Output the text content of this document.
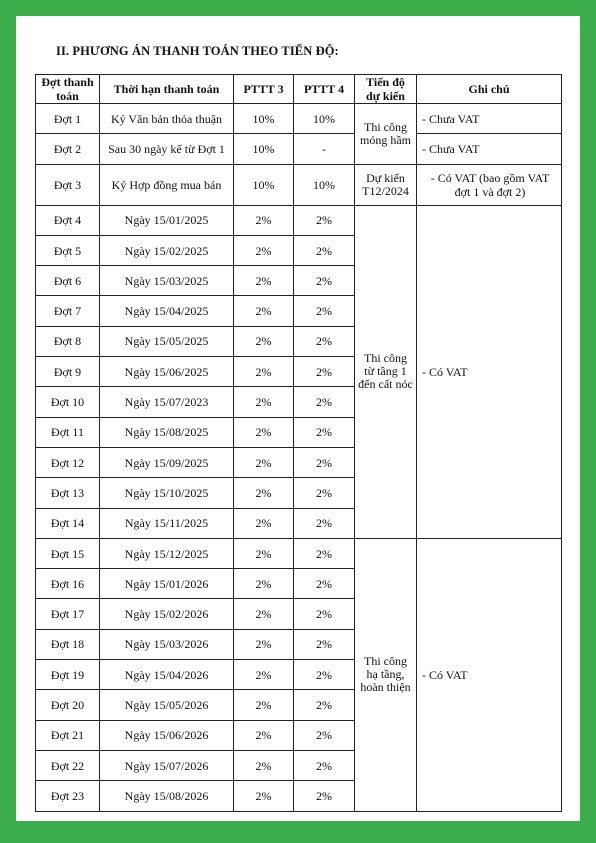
II. PHƯƠNG ÁN THANH TOÁN THEO TIẾN ĐỘ:
Đợt thanh toán	Thời hạn thanh toán	PTTT 3	PTTT 4	Tiến độ dự kiến	Ghi chú
Đợt 1	Ký Văn bản thỏa thuận	10%	10%	Thi công móng hầm	- Chưa VAT
Đợt 2	Sau 30 ngày kể từ Đợt 1	10%	-		- Chưa VAT
Đợt 3	Ký Hợp đồng mua bán	10%	10%	Dự kiến T12/2024	- Có VAT (bao gồm VAT đợt 1 và đợt 2)
Đợt 4	Ngày 15/01/2025	2%	2%	Thi công từ tầng 1 đến cất nóc	- Có VAT
Đợt 5	Ngày 15/02/2025	2%	2%		
Đợt 6	Ngày 15/03/2025	2%	2%		
Đợt 7	Ngày 15/04/2025	2%	2%		
Đợt 8	Ngày 15/05/2025	2%	2%		
Đợt 9	Ngày 15/06/2025	2%	2%		
Đợt 10	Ngày 15/07/2023	2%	2%		
Đợt 11	Ngày 15/08/2025	2%	2%		
Đợt 12	Ngày 15/09/2025	2%	2%		
Đợt 13	Ngày 15/10/2025	2%	2%		
Đợt 14	Ngày 15/11/2025	2%	2%		
Đợt 15	Ngày 15/12/2025	2%	2%	Thi công hạ tầng, hoàn thiện	- Có VAT
Đợt 16	Ngày 15/01/2026	2%	2%		
Đợt 17	Ngày 15/02/2026	2%	2%		
Đợt 18	Ngày 15/03/2026	2%	2%		
Đợt 19	Ngày 15/04/2026	2%	2%		
Đợt 20	Ngày 15/05/2026	2%	2%		
Đợt 21	Ngày 15/06/2026	2%	2%		
Đợt 22	Ngày 15/07/2026	2%	2%		
Đợt 23	Ngày 15/08/2026	2%	2%		
